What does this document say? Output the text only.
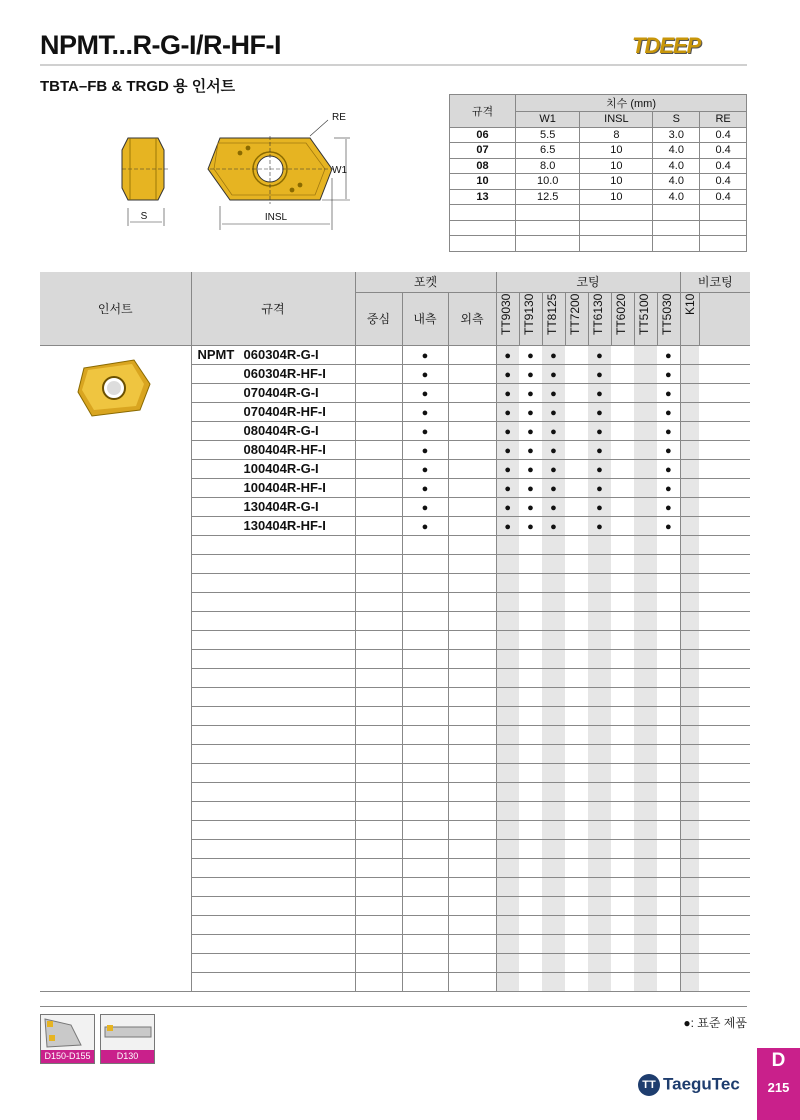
NPMT...R-G-I/R-HF-I	TDEEP
TBTA–FB & TRGD 용 인서트
S
RE
W1
INSL
규격	치수 (mm)			
	W1	INSL	S	RE
06	5.5	8	3.0	0.4
07	6.5	10	4.0	0.4
08	8.0	10	4.0	0.4
10	10.0	10	4.0	0.4
13	12.5	10	4.0	0.4

인서트	규격	포켓			코팅								비코팅	
		중심	내측	외측	TT9030	TT9130	TT8125	TT7200	TT6130	TT6020	TT5100	TT5030	K10	

	NPMT 060304R-G-I		●		●	●	●		●			●		
	060304R-HF-I		●		●	●	●		●			●		
	070404R-G-I		●		●	●	●		●			●		
	070404R-HF-I		●		●	●	●		●			●		
	080404R-G-I		●		●	●	●		●			●		
	080404R-HF-I		●		●	●	●		●			●		
	100404R-G-I		●		●	●	●		●			●		
	100404R-HF-I		●		●	●	●		●			●		
	130404R-G-I		●		●	●	●		●			●		
	130404R-HF-I		●		●	●	●		●			●		

●: 표준 제품
D150-D155	D130
TT TaeguTec
D
215
